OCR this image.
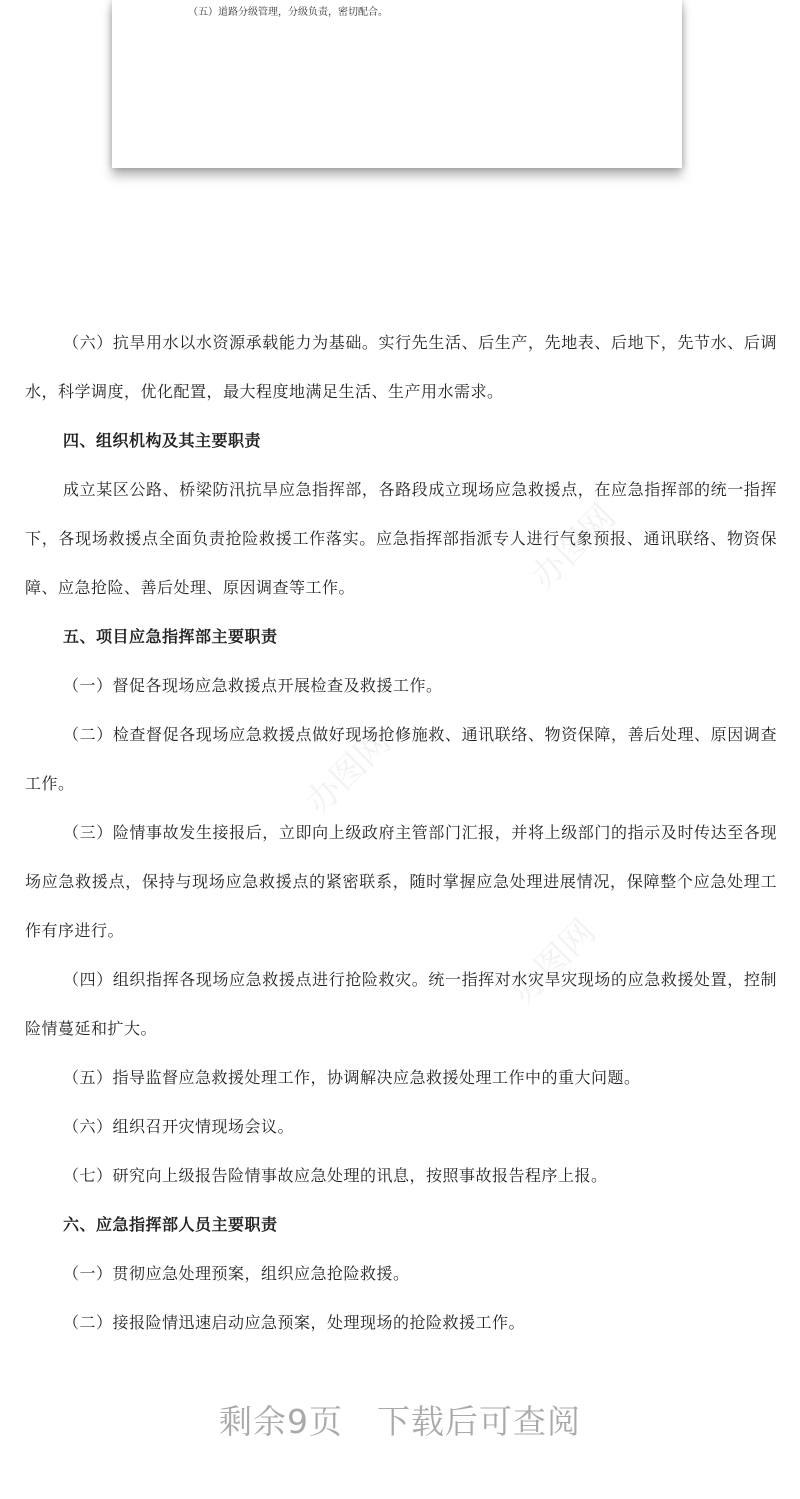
（五）道路分级管理，分级负责，密切配合。
办图网
办图网
办图网

（六）抗旱用水以水资源承载能力为基础。实行先生活、后生产，先地表、后地下，先节水、后调水，科学调度，优化配置，最大程度地满足生活、生产用水需求。

四、组织机构及其主要职责

成立某区公路、桥梁防汛抗旱应急指挥部，各路段成立现场应急救援点，在应急指挥部的统一指挥下，各现场救援点全面负责抢险救援工作落实。应急指挥部指派专人进行气象预报、通讯联络、物资保障、应急抢险、善后处理、原因调查等工作。

五、项目应急指挥部主要职责

（一）督促各现场应急救援点开展检查及救援工作。

（二）检查督促各现场应急救援点做好现场抢修施救、通讯联络、物资保障，善后处理、原因调查工作。

（三）险情事故发生接报后，立即向上级政府主管部门汇报，并将上级部门的指示及时传达至各现场应急救援点，保持与现场应急救援点的紧密联系，随时掌握应急处理进展情况，保障整个应急处理工作有序进行。

（四）组织指挥各现场应急救援点进行抢险救灾。统一指挥对水灾旱灾现场的应急救援处置，控制险情蔓延和扩大。

（五）指导监督应急救援处理工作，协调解决应急救援处理工作中的重大问题。

（六）组织召开灾情现场会议。

（七）研究向上级报告险情事故应急处理的讯息，按照事故报告程序上报。

六、应急指挥部人员主要职责

（一）贯彻应急处理预案，组织应急抢险救援。

（二）接报险情迅速启动应急预案，处理现场的抢险救援工作。

剩余9页 下载后可查阅
